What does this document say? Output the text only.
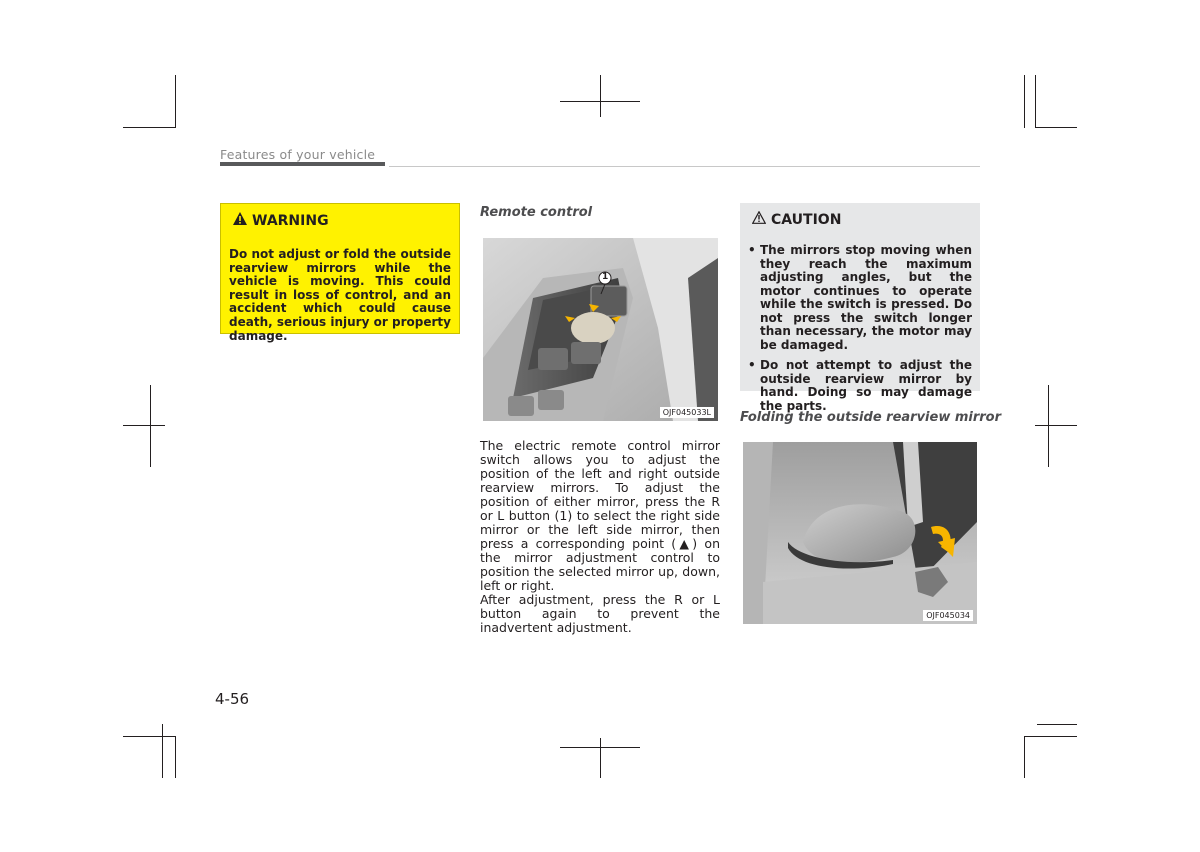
Features of your vehicle
WARNING
Do not adjust or fold the outside rearview mirrors while the vehicle is moving. This could result in loss of control, and an accident which could cause death, serious injury or property damage.
Remote control
1
OJF045033L

The electric remote control mirror switch allows you to adjust the position of the left and right outside rearview mirrors. To adjust the position of either mirror, press the R or L button (1) to select the right side mirror or the left side mirror, then press a corresponding point (▲) on the mirror adjustment control to position the selected mirror up, down, left or right.

After adjustment, press the R or L button again to prevent the inadvertent adjustment.

CAUTION
• The mirrors stop moving when they reach the maximum adjusting angles, but the motor continues to operate while the switch is pressed. Do not press the switch longer than necessary, the motor may be damaged.
• Do not attempt to adjust the outside rearview mirror by hand. Doing so may damage the parts.
Folding the outside rearview mirror
OJF045034
4-56
